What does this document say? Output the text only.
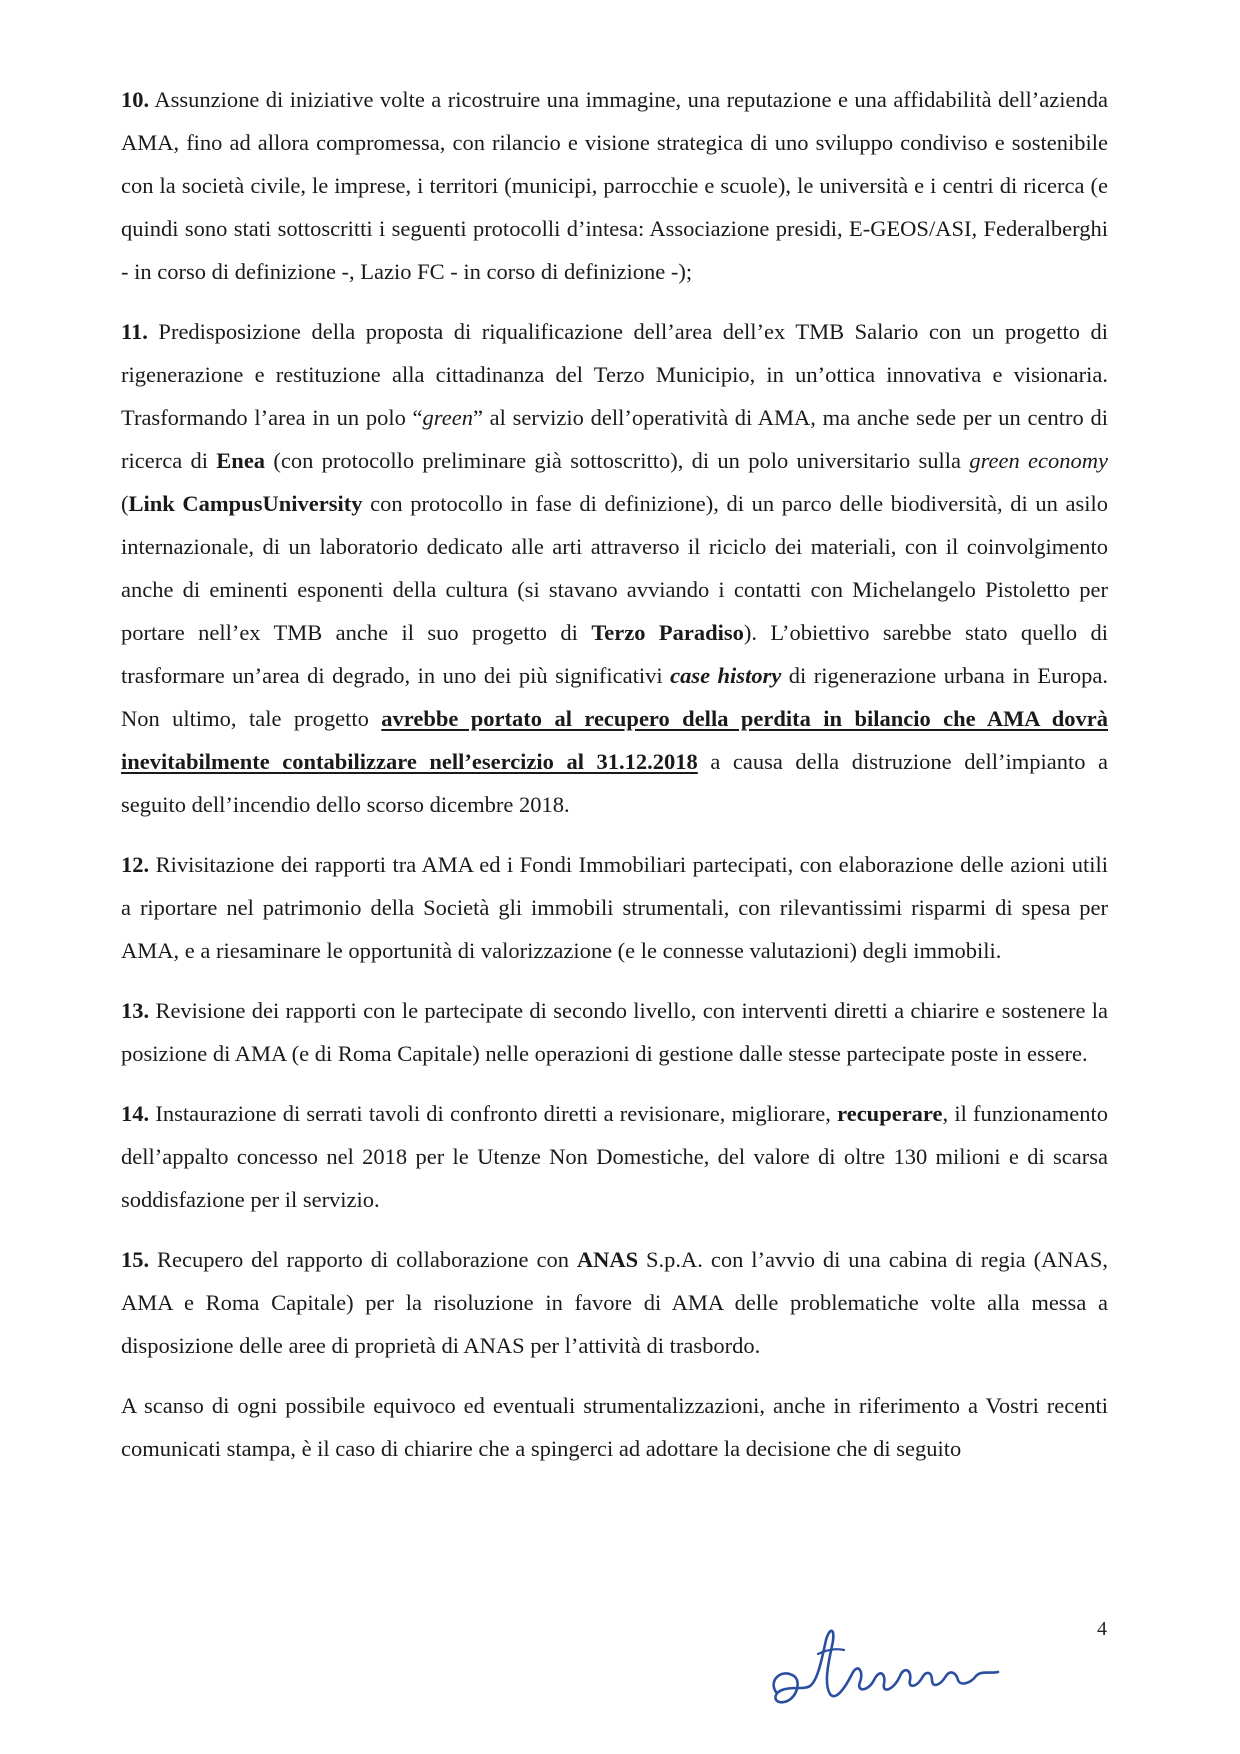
10. Assunzione di iniziative volte a ricostruire una immagine, una reputazione e una affidabilità dell’azienda AMA, fino ad allora compromessa, con rilancio e visione strategica di uno sviluppo condiviso e sostenibile con la società civile, le imprese, i territori (municipi, parrocchie e scuole), le università e i centri di ricerca (e quindi sono stati sottoscritti i seguenti protocolli d’intesa: Associazione presidi, E-GEOS/ASI, Federalberghi - in corso di definizione -, Lazio FC - in corso di definizione -);

11. Predisposizione della proposta di riqualificazione dell’area dell’ex TMB Salario con un progetto di rigenerazione e restituzione alla cittadinanza del Terzo Municipio, in un’ottica innovativa e visionaria. Trasformando l’area in un polo “green” al servizio dell’operatività di AMA, ma anche sede per un centro di ricerca di Enea (con protocollo preliminare già sottoscritto), di un polo universitario sulla green economy (Link CampusUniversity con protocollo in fase di definizione), di un parco delle biodiversità, di un asilo internazionale, di un laboratorio dedicato alle arti attraverso il riciclo dei materiali, con il coinvolgimento anche di eminenti esponenti della cultura (si stavano avviando i contatti con Michelangelo Pistoletto per portare nell’ex TMB anche il suo progetto di Terzo Paradiso). L’obiettivo sarebbe stato quello di trasformare un’area di degrado, in uno dei più significativi case history di rigenerazione urbana in Europa. Non ultimo, tale progetto avrebbe portato al recupero della perdita in bilancio che AMA dovrà inevitabilmente contabilizzare nell’esercizio al 31.12.2018 a causa della distruzione dell’impianto a seguito dell’incendio dello scorso dicembre 2018.

12. Rivisitazione dei rapporti tra AMA ed i Fondi Immobiliari partecipati, con elaborazione delle azioni utili a riportare nel patrimonio della Società gli immobili strumentali, con rilevantissimi risparmi di spesa per AMA, e a riesaminare le opportunità di valorizzazione (e le connesse valutazioni) degli immobili.

13. Revisione dei rapporti con le partecipate di secondo livello, con interventi diretti a chiarire e sostenere la posizione di AMA (e di Roma Capitale) nelle operazioni di gestione dalle stesse partecipate poste in essere.

14. Instaurazione di serrati tavoli di confronto diretti a revisionare, migliorare, recuperare, il funzionamento dell’appalto concesso nel 2018 per le Utenze Non Domestiche, del valore di oltre 130 milioni e di scarsa soddisfazione per il servizio.

15. Recupero del rapporto di collaborazione con ANAS S.p.A. con l’avvio di una cabina di regia (ANAS, AMA e Roma Capitale) per la risoluzione in favore di AMA delle problematiche volte alla messa a disposizione delle aree di proprietà di ANAS per l’attività di trasbordo.

A scanso di ogni possibile equivoco ed eventuali strumentalizzazioni, anche in riferimento a Vostri recenti comunicati stampa, è il caso di chiarire che a spingerci ad adottare la decisione che di seguito

4
